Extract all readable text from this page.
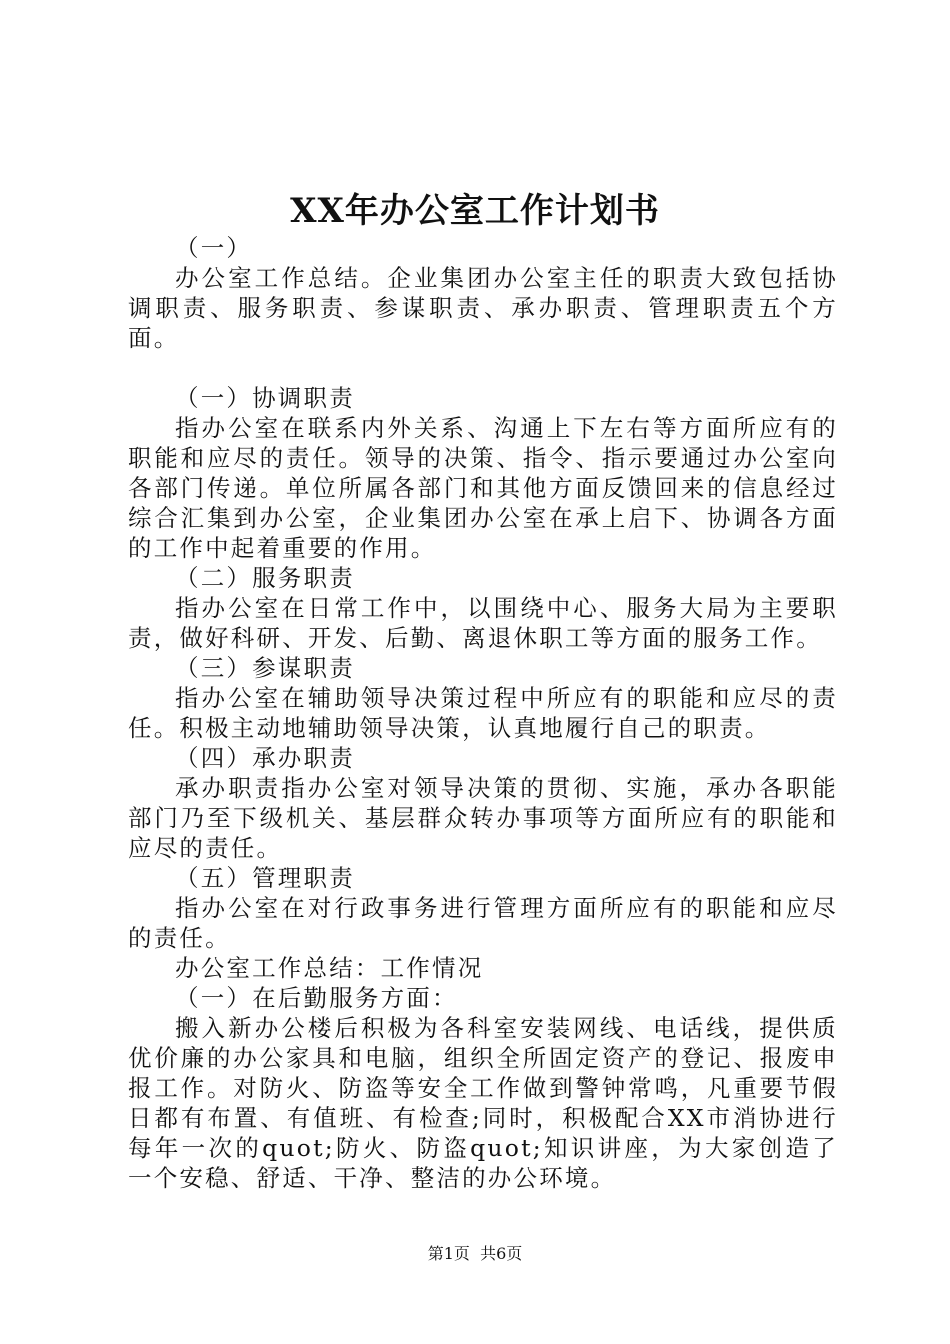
XX年办公室工作计划书

（一）

办公室工作总结。企业集团办公室主任的职责大致包括协调职责、服务职责、参谋职责、承办职责、管理职责五个方面。

（一）协调职责

指办公室在联系内外关系、沟通上下左右等方面所应有的职能和应尽的责任。领导的决策、指令、指示要通过办公室向各部门传递。单位所属各部门和其他方面反馈回来的信息经过综合汇集到办公室，企业集团办公室在承上启下、协调各方面的工作中起着重要的作用。

（二）服务职责

指办公室在日常工作中，以围绕中心、服务大局为主要职责，做好科研、开发、后勤、离退休职工等方面的服务工作。

（三）参谋职责

指办公室在辅助领导决策过程中所应有的职能和应尽的责任。积极主动地辅助领导决策，认真地履行自己的职责。

（四）承办职责

承办职责指办公室对领导决策的贯彻、实施，承办各职能部门乃至下级机关、基层群众转办事项等方面所应有的职能和应尽的责任。

（五）管理职责

指办公室在对行政事务进行管理方面所应有的职能和应尽的责任。

办公室工作总结：工作情况

（一）在后勤服务方面：

搬入新办公楼后积极为各科室安装网线、电话线，提供质优价廉的办公家具和电脑，组织全所固定资产的登记、报废申报工作。对防火、防盗等安全工作做到警钟常鸣，凡重要节假日都有布置、有值班、有检查;同时，积极配合XX市消协进行每年一次的quot;防火、防盗quot;知识讲座，为大家创造了一个安稳、舒适、干净、整洁的办公环境。

第1页 共6页
